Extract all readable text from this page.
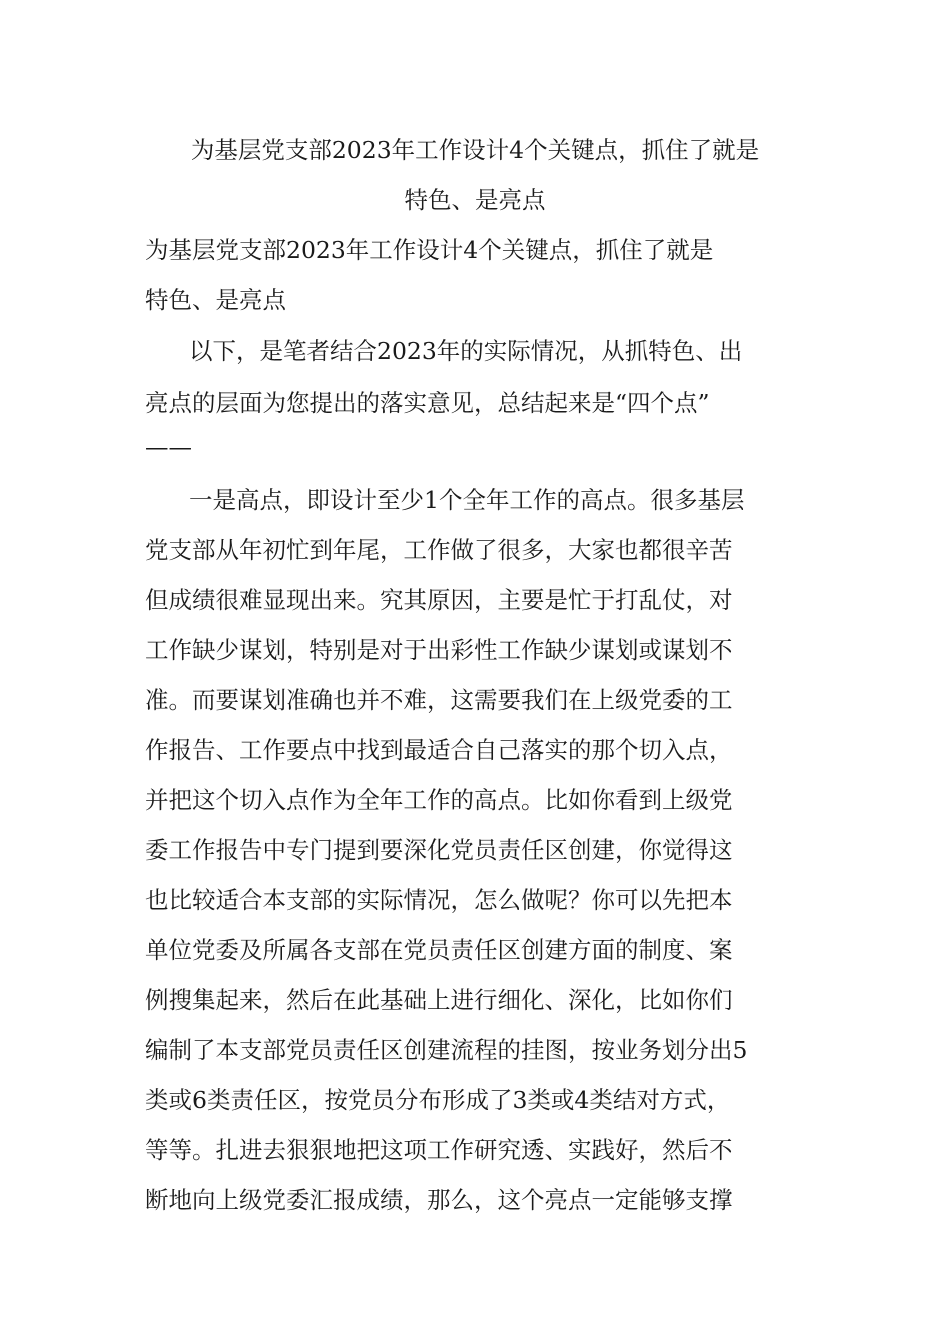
为基层党支部2023年工作设计4个关键点，抓住了就是
特色、是亮点
为基层党支部2023年工作设计4个关键点，抓住了就是
特色、是亮点
以下，是笔者结合2023年的实际情况，从抓特色、出
亮点的层面为您提出的落实意见，总结起来是“四个点”
——
一是高点，即设计至少1个全年工作的高点。很多基层
党支部从年初忙到年尾，工作做了很多，大家也都很辛苦
但成绩很难显现出来。究其原因，主要是忙于打乱仗，对
工作缺少谋划，特别是对于出彩性工作缺少谋划或谋划不
准。而要谋划准确也并不难，这需要我们在上级党委的工
作报告、工作要点中找到最适合自己落实的那个切入点，
并把这个切入点作为全年工作的高点。比如你看到上级党
委工作报告中专门提到要深化党员责任区创建，你觉得这
也比较适合本支部的实际情况，怎么做呢？你可以先把本
单位党委及所属各支部在党员责任区创建方面的制度、案
例搜集起来，然后在此基础上进行细化、深化，比如你们
编制了本支部党员责任区创建流程的挂图，按业务划分出5
类或6类责任区，按党员分布形成了3类或4类结对方式，
等等。扎进去狠狠地把这项工作研究透、实践好，然后不
断地向上级党委汇报成绩，那么，这个亮点一定能够支撑
